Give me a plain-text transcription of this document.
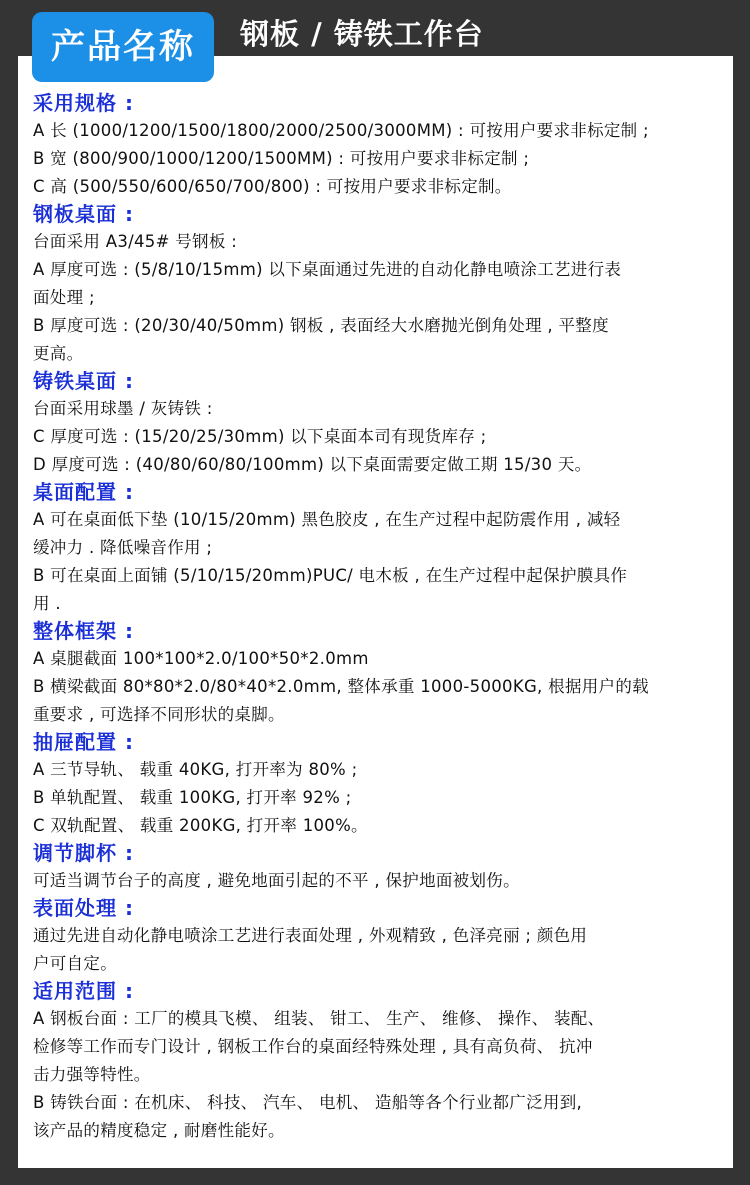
采用规格 :
A 长 (1000/1200/1500/1800/2000/2500/3000MM) : 可按用户要求非标定制 ;
B 宽 (800/900/1000/1200/1500MM) : 可按用户要求非标定制 ;
C 高 (500/550/600/650/700/800) : 可按用户要求非标定制。
钢板桌面 :
台面采用 A3/45# 号钢板 :
A 厚度可选 : (5/8/10/15mm) 以下桌面通过先进的自动化静电喷涂工艺进行表
面处理 ;
B 厚度可选 : (20/30/40/50mm) 钢板 , 表面经大水磨抛光倒角处理 , 平整度
更高。
铸铁桌面 :
台面采用球墨 / 灰铸铁 :
C 厚度可选 : (15/20/25/30mm) 以下桌面本司有现货库存 ;
D 厚度可选 : (40/80/60/80/100mm) 以下桌面需要定做工期 15/30 天。
桌面配置 :
A 可在桌面低下垫 (10/15/20mm) 黑色胶皮 , 在生产过程中起防震作用 , 减轻
缓冲力 . 降低噪音作用 ;
B 可在桌面上面铺 (5/10/15/20mm)PUC/ 电木板 , 在生产过程中起保护膜具作
用 .
整体框架 :
A 桌腿截面 100*100*2.0/100*50*2.0mm
B 横梁截面 80*80*2.0/80*40*2.0mm, 整体承重 1000-5000KG, 根据用户的载
重要求 , 可选择不同形状的桌脚。
抽屉配置 :
A 三节导轨、 载重 40KG, 打开率为 80% ;
B 单轨配置、 载重 100KG, 打开率 92% ;
C 双轨配置、 载重 200KG, 打开率 100%。
调节脚杯 :
可适当调节台子的高度 , 避免地面引起的不平 , 保护地面被划伤。
表面处理 :
通过先进自动化静电喷涂工艺进行表面处理 , 外观精致 , 色泽亮丽 ; 颜色用
户可自定。
适用范围 :
A 钢板台面 : 工厂的模具飞模、 组装、 钳工、 生产、 维修、 操作、 装配、
检修等工作而专门设计 , 钢板工作台的桌面经特殊处理 , 具有高负荷、 抗冲
击力强等特性。
B 铸铁台面 : 在机床、 科技、 汽车、 电机、 造船等各个行业都广泛用到,
该产品的精度稳定 , 耐磨性能好。
产品名称	钢板 / 铸铁工作台
